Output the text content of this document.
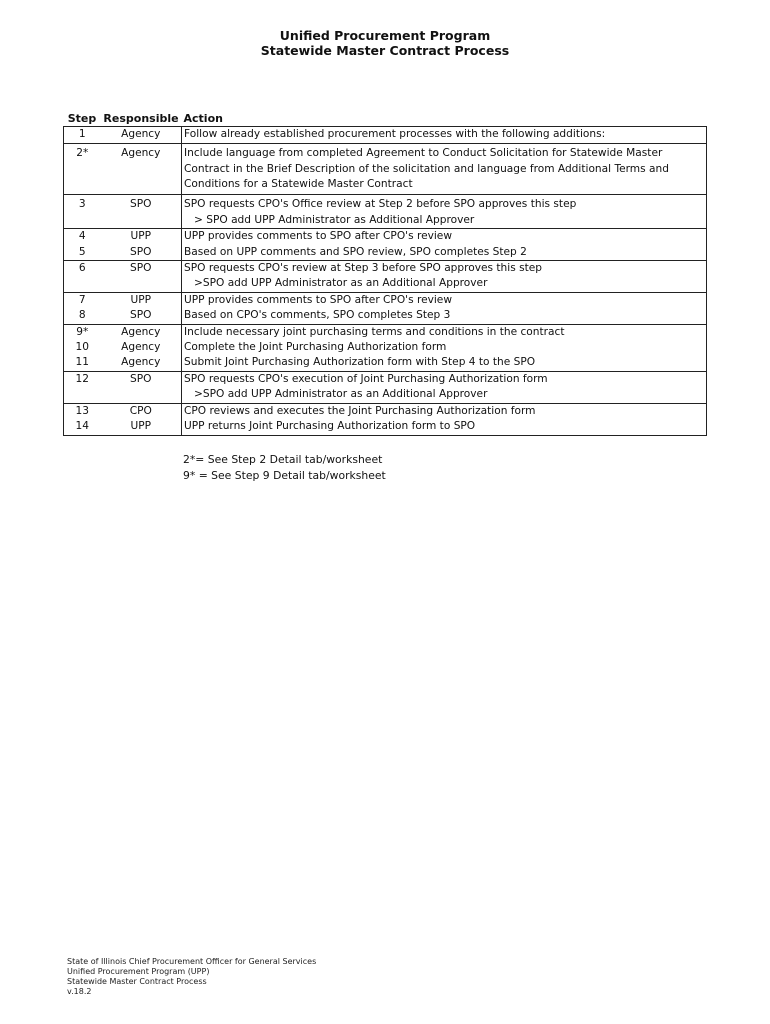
Unified Procurement Program
Statewide Master Contract Process
Step	Responsible	Action
1	Agency	Follow already established procurement processes with the following additions:
2*	Agency	Include language from completed Agreement to Conduct Solicitation for Statewide Master Contract in the Brief Description of the solicitation and language from Additional Terms and Conditions for a Statewide Master Contract
3	SPO	SPO requests CPO's Office review at Step 2 before SPO approves this step
> SPO add UPP Administrator as Additional Approver

4	UPP	UPP provides comments to SPO after CPO's review
5	SPO	Based on UPP comments and SPO review, SPO completes Step 2
6	SPO	SPO requests CPO's review at Step 3 before SPO approves this step
>SPO add UPP Administrator as an Additional Approver

7	UPP	UPP provides comments to SPO after CPO's review
8	SPO	Based on CPO's comments, SPO completes Step 3
9*	Agency	Include necessary joint purchasing terms and conditions in the contract
10	Agency	Complete the Joint Purchasing Authorization form
11	Agency	Submit Joint Purchasing Authorization form with Step 4 to the SPO
12	SPO	SPO requests CPO's execution of Joint Purchasing Authorization form
>SPO add UPP Administrator as an Additional Approver

13	CPO	CPO reviews and executes the Joint Purchasing Authorization form
14	UPP	UPP returns Joint Purchasing Authorization form to SPO
2*= See Step 2 Detail tab/worksheet
9* = See Step 9 Detail tab/worksheet
State of Illinois Chief Procurement Officer for General Services
Unified Procurement Program (UPP)
Statewide Master Contract Process
v.18.2
